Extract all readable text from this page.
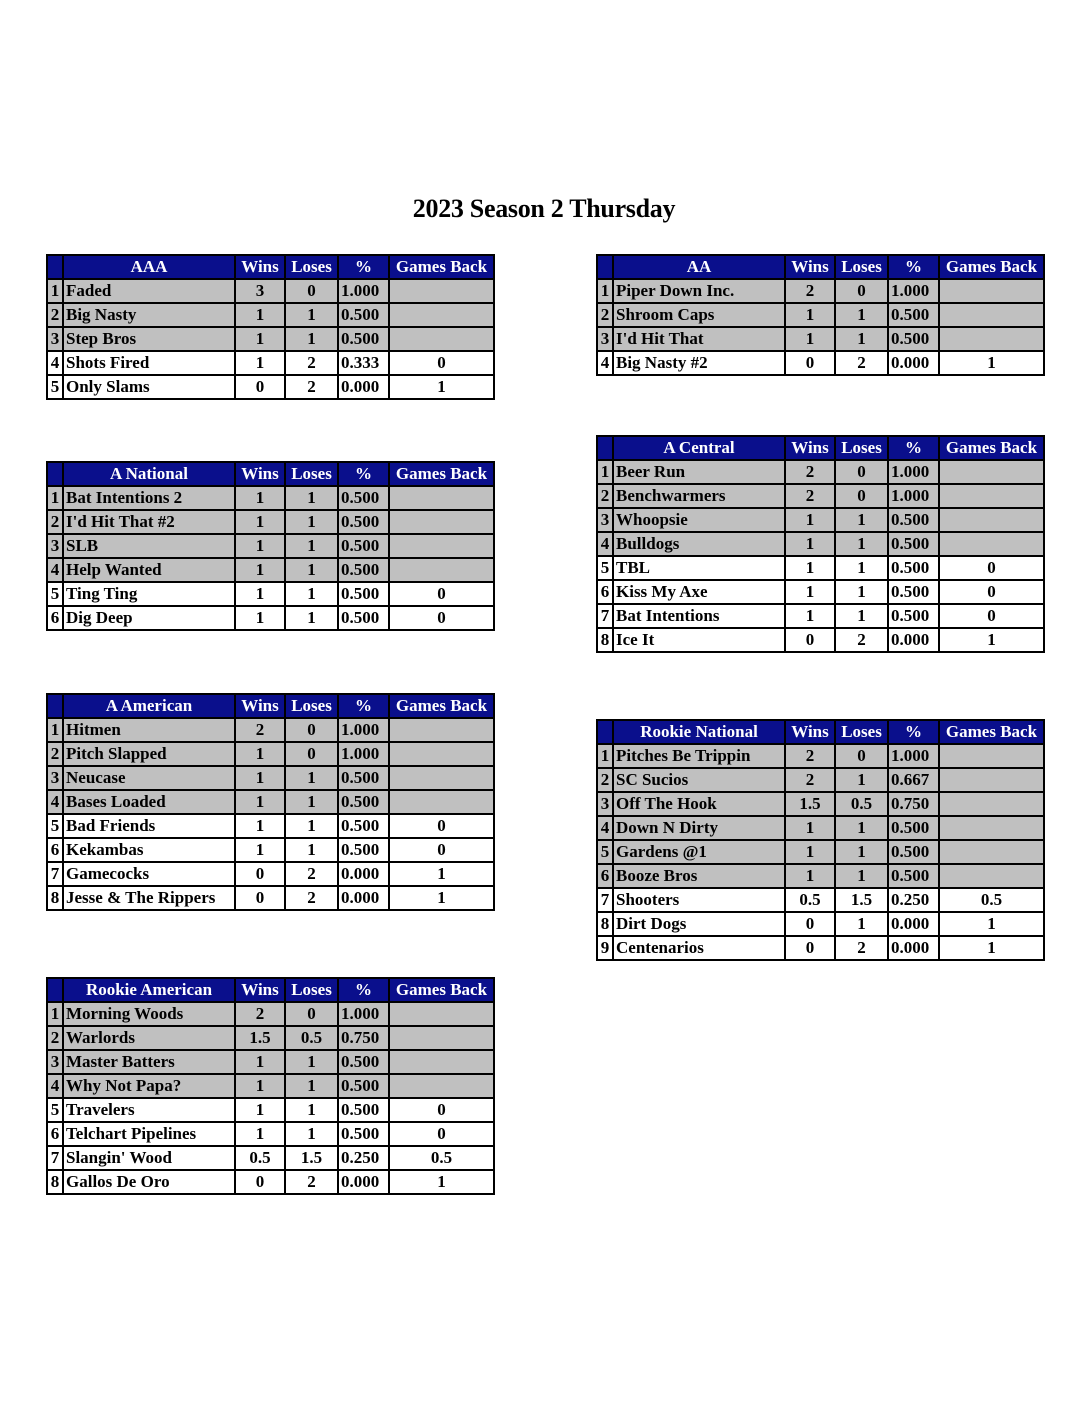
2023 Season 2 Thursday
	AAA	Wins	Loses	%	Games Back
1	Faded	3	0	1.000	
2	Big Nasty	1	1	0.500	
3	Step Bros	1	1	0.500	
4	Shots Fired	1	2	0.333	0
5	Only Slams	0	2	0.000	1
	A National	Wins	Loses	%	Games Back
1	Bat Intentions 2	1	1	0.500	
2	I'd Hit That #2	1	1	0.500	
3	SLB	1	1	0.500	
4	Help Wanted	1	1	0.500	
5	Ting Ting	1	1	0.500	0
6	Dig Deep	1	1	0.500	0
	A American	Wins	Loses	%	Games Back
1	Hitmen	2	0	1.000	
2	Pitch Slapped	1	0	1.000	
3	Neucase	1	1	0.500	
4	Bases Loaded	1	1	0.500	
5	Bad Friends	1	1	0.500	0
6	Kekambas	1	1	0.500	0
7	Gamecocks	0	2	0.000	1
8	Jesse & The Rippers	0	2	0.000	1
	Rookie American	Wins	Loses	%	Games Back
1	Morning Woods	2	0	1.000	
2	Warlords	1.5	0.5	0.750	
3	Master Batters	1	1	0.500	
4	Why Not Papa?	1	1	0.500	
5	Travelers	1	1	0.500	0
6	Telchart Pipelines	1	1	0.500	0
7	Slangin' Wood	0.5	1.5	0.250	0.5
8	Gallos De Oro	0	2	0.000	1
	AA	Wins	Loses	%	Games Back
1	Piper Down Inc.	2	0	1.000	
2	Shroom Caps	1	1	0.500	
3	I'd Hit That	1	1	0.500	
4	Big Nasty #2	0	2	0.000	1
	A Central	Wins	Loses	%	Games Back
1	Beer Run	2	0	1.000	
2	Benchwarmers	2	0	1.000	
3	Whoopsie	1	1	0.500	
4	Bulldogs	1	1	0.500	
5	TBL	1	1	0.500	0
6	Kiss My Axe	1	1	0.500	0
7	Bat Intentions	1	1	0.500	0
8	Ice It	0	2	0.000	1
	Rookie National	Wins	Loses	%	Games Back
1	Pitches Be Trippin	2	0	1.000	
2	SC Sucios	2	1	0.667	
3	Off The Hook	1.5	0.5	0.750	
4	Down N Dirty	1	1	0.500	
5	Gardens @1	1	1	0.500	
6	Booze Bros	1	1	0.500	
7	Shooters	0.5	1.5	0.250	0.5
8	Dirt Dogs	0	1	0.000	1
9	Centenarios	0	2	0.000	1
